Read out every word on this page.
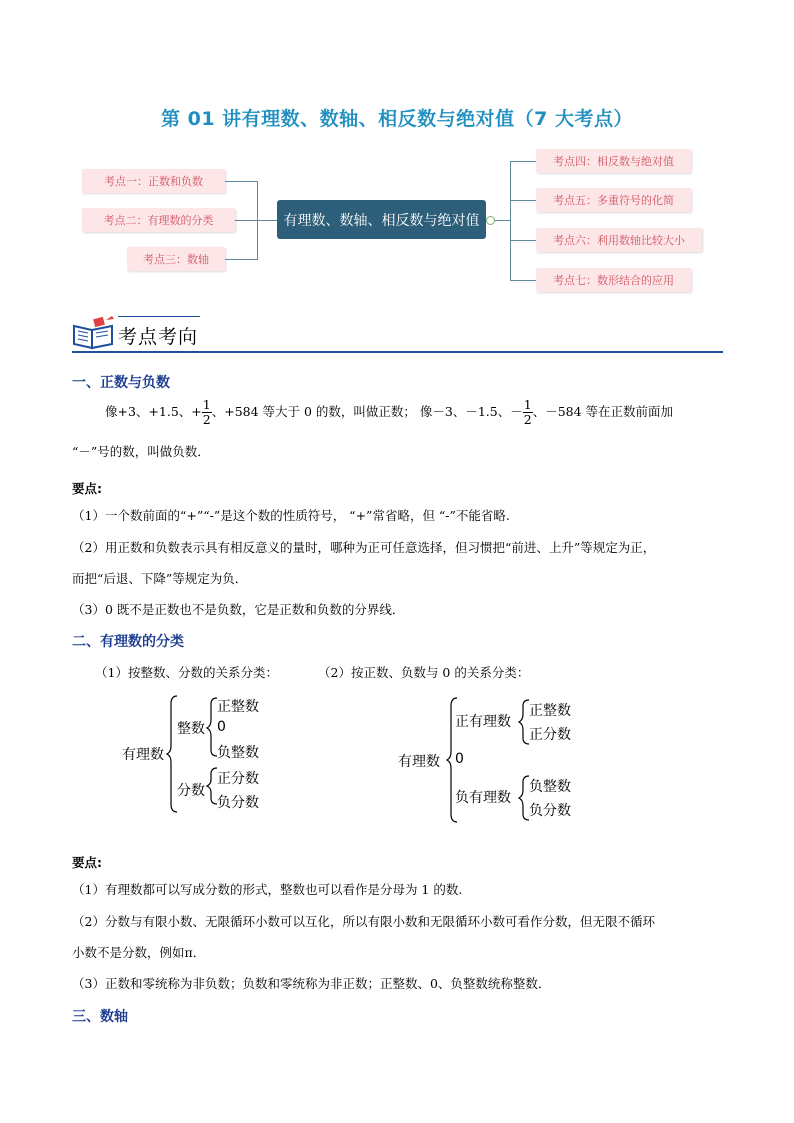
第 01 讲有理数、数轴、相反数与绝对值（7 大考点）
有理数、数轴、相反数与绝对值
考点一：正数和负数
考点二：有理数的分类
考点三：数轴
考点四：相反数与绝对值
考点五：多重符号的化简
考点六：利用数轴比较大小
考点七：数形结合的应用
考点考向
一、正数与负数
像+3、+1.5、+ $\frac{1}{2}$ 、+584 等大于 0 的数，叫做正数； 像－3、－1.5、－ $\frac{1}{2}$ 、－584 等在正数前面加
“－”号的数，叫做负数．
要点:
（1）一个数前面的“+”“-”是这个数的性质符号， “+”常省略，但 “-”不能省略.
（2）用正数和负数表示具有相反意义的量时，哪种为正可任意选择，但习惯把“前进、上升”等规定为正，
而把“后退、下降”等规定为负．
（3）0 既不是正数也不是负数，它是正数和负数的分界线．
二、有理数的分类
（1）按整数、分数的关系分类：	（2）按正数、负数与 0 的关系分类：
有理数
整数
正整数
0
负整数
分数
正分数
负分数
有理数
正有理数
正整数
正分数
0
负有理数
负整数
负分数
要点:
（1）有理数都可以写成分数的形式，整数也可以看作是分母为 1 的数.
（2）分数与有限小数、无限循环小数可以互化，所以有限小数和无限循环小数可看作分数，但无限不循环
小数不是分数，例如π．
（3）正数和零统称为非负数；负数和零统称为非正数；正整数、0、负整数统称整数．
三、数轴
